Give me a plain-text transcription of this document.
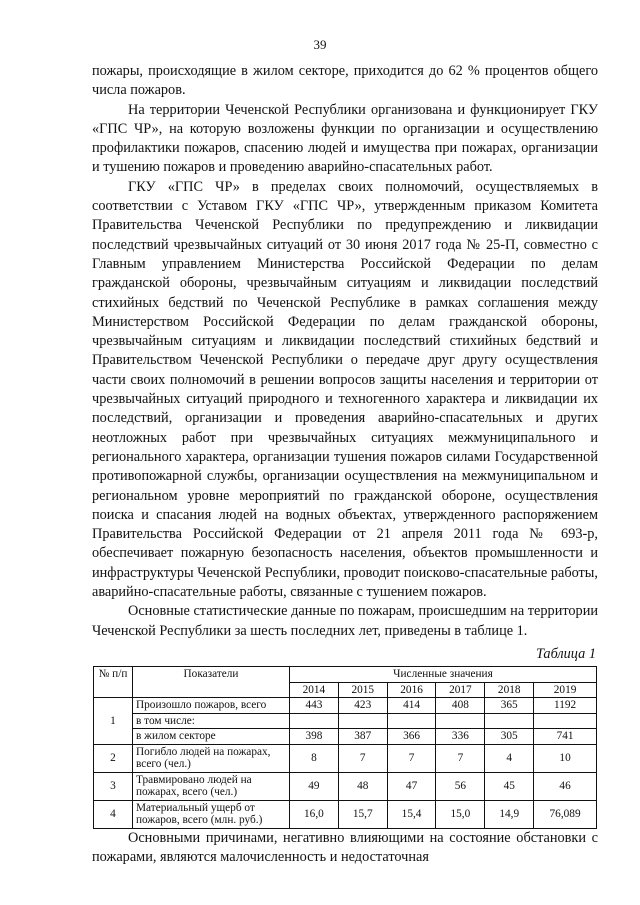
39

пожары, происходящие в жилом секторе, приходится до 62 % процентов общего числа пожаров.

На территории Чеченской Республики организована и функционирует ГКУ «ГПС ЧР», на которую возложены функции по организации и осуществлению профилактики пожаров, спасению людей и имущества при пожарах, организации и тушению пожаров и проведению аварийно-спасательных работ.

ГКУ «ГПС ЧР» в пределах своих полномочий, осуществляемых в соответствии с Уставом ГКУ «ГПС ЧР», утвержденным приказом Комитета Правительства Чеченской Республики по предупреждению и ликвидации последствий чрезвычайных ситуаций от 30 июня 2017 года № 25-П, совместно с Главным управлением Министерства Российской Федерации по делам гражданской обороны, чрезвычайным ситуациям и ликвидации последствий стихийных бедствий по Чеченской Республике в рамках соглашения между Министерством Российской Федерации по делам гражданской обороны, чрезвычайным ситуациям и ликвидации последствий стихийных бедствий и Правительством Чеченской Республики о передаче друг другу осуществления части своих полномочий в решении вопросов защиты населения и территории от чрезвычайных ситуаций природного и техногенного характера и ликвидации их последствий, организации и проведения аварийно-спасательных и других неотложных работ при чрезвычайных ситуациях межмуниципального и регионального характера, организации тушения пожаров силами Государственной противопожарной службы, организации осуществления на межмуниципальном и региональном уровне мероприятий по гражданской обороне, осуществления поиска и спасания людей на водных объектах, утвержденного распоряжением Правительства Российской Федерации от 21 апреля 2011 года № 693-р, обеспечивает пожарную безопасность населения, объектов промышленности и инфраструктуры Чеченской Республики, проводит поисково-спасательные работы, аварийно-спасательные работы, связанные с тушением пожаров.

Основные статистические данные по пожарам, происшедшим на территории Чеченской Республики за шесть последних лет, приведены в таблице 1.

Таблица 1
№ п/п	Показатели	Численные значения					
		2014	2015	2016	2017	2018	2019
1	Произошло пожаров, всего	443	423	414	408	365	1192
	в том числе:						
	в жилом секторе	398	387	366	336	305	741
2	Погибло людей на пожарах, всего (чел.)	8	7	7	7	4	10
3	Травмировано людей на пожарах, всего (чел.)	49	48	47	56	45	46
4	Материальный ущерб от пожаров, всего (млн. руб.)	16,0	15,7	15,4	15,0	14,9	76,089

Основными причинами, негативно влияющими на состояние обстановки с пожарами, являются малочисленность и недостаточная
